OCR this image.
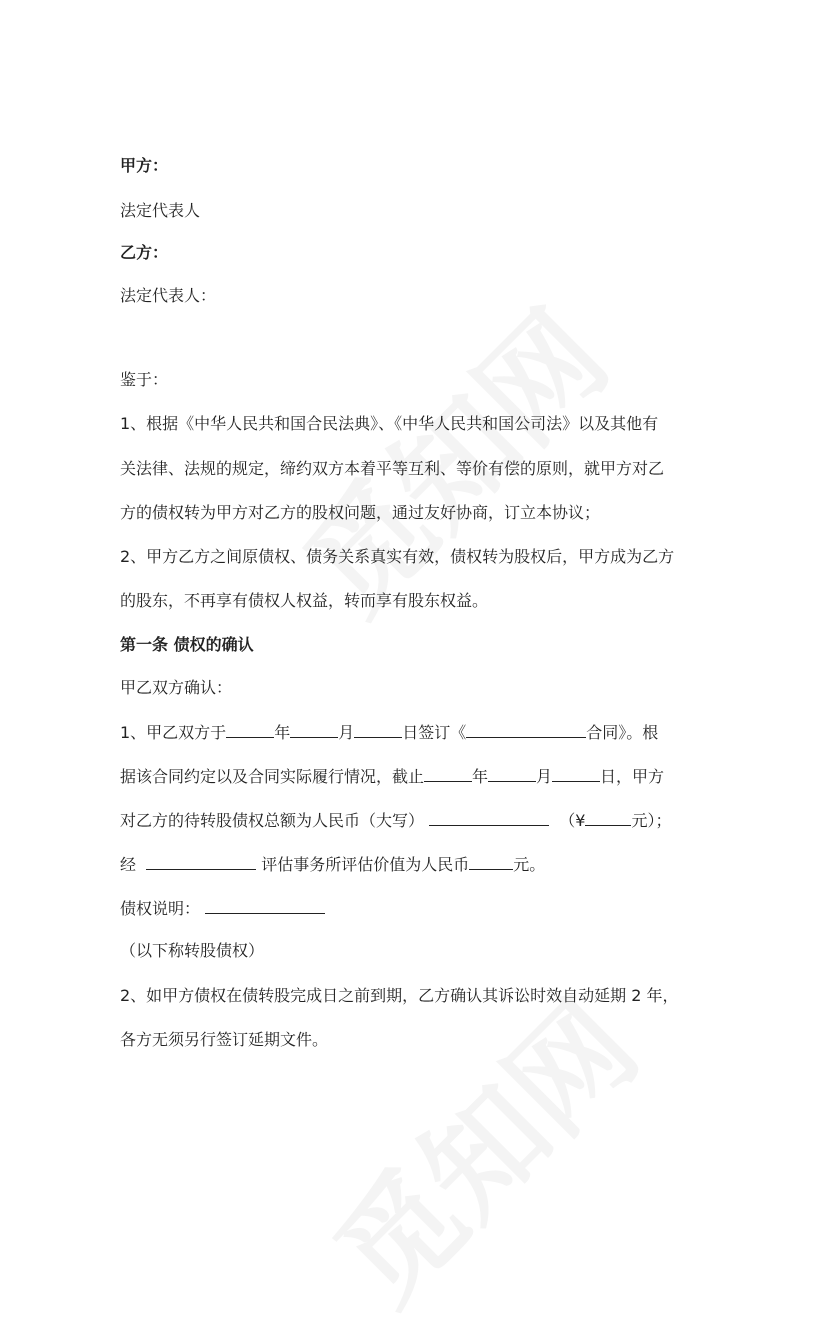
甲方：
法定代表人
乙方：
法定代表人：
鉴于：
1、根据《中华人民共和国合民法典》、《中华人民共和国公司法》以及其他有
关法律、法规的规定，缔约双方本着平等互利、等价有偿的原则，就甲方对乙
方的债权转为甲方对乙方的股权问题，通过友好协商，订立本协议；
2、甲方乙方之间原债权、债务关系真实有效，债权转为股权后，甲方成为乙方
的股东，不再享有债权人权益，转而享有股东权益。
第一条 债权的确认
甲乙双方确认：
1、甲乙双方于	年	月	日签订《	合同》。根
据该合同约定以及合同实际履行情况，截止	年	月	日，甲方
对乙方的待转股债权总额为人民币（大写）	（¥	元）；
经	评估事务所评估价值为人民币	元。
债权说明：
（以下称转股债权）
2、如甲方债权在债转股完成日之前到期，乙方确认其诉讼时效自动延期 2 年，
各方无须另行签订延期文件。
